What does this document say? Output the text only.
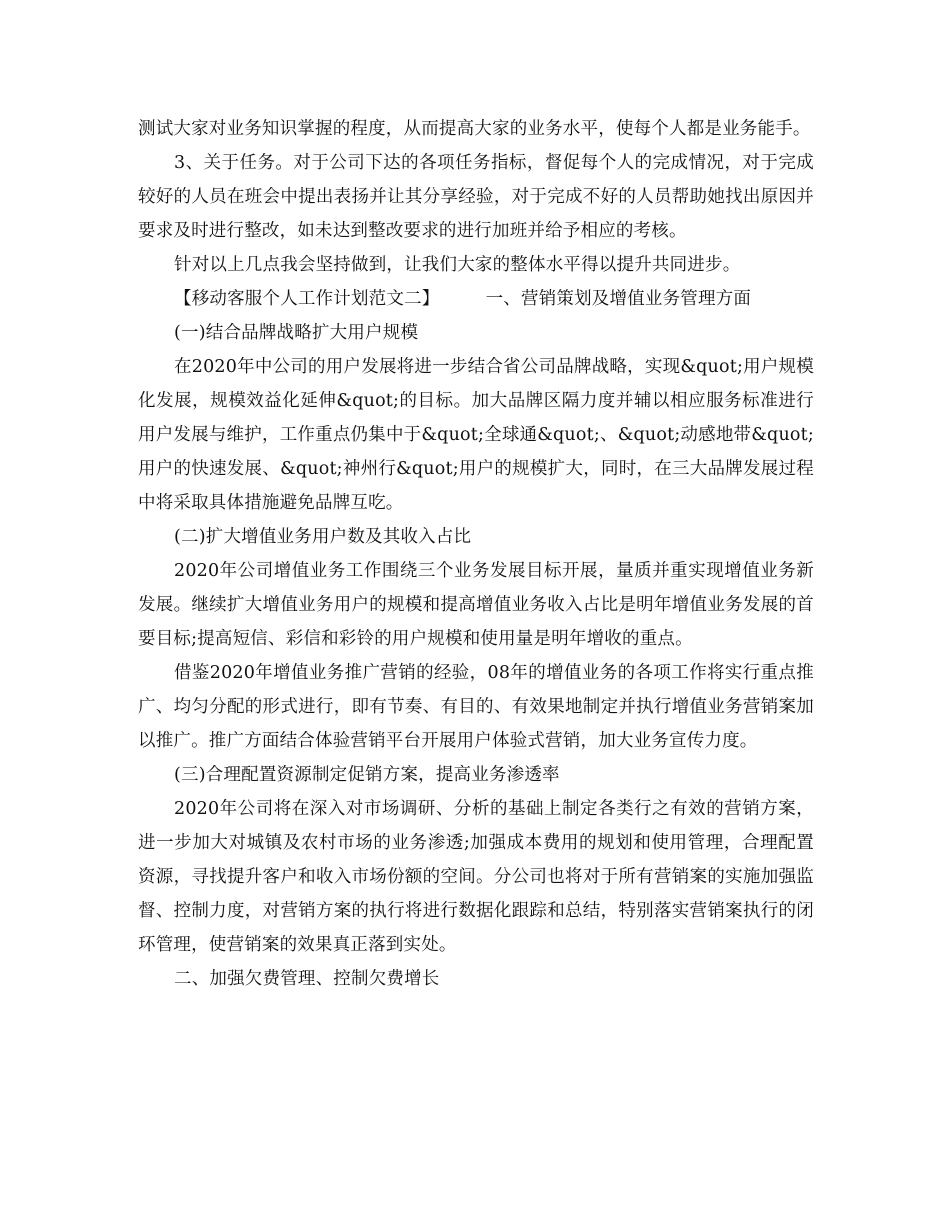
测试大家对业务知识掌握的程度，从而提高大家的业务水平，使每个人都是业务能手。

3、关于任务。对于公司下达的各项任务指标，督促每个人的完成情况，对于完成较好的人员在班会中提出表扬并让其分享经验，对于完成不好的人员帮助她找出原因并要求及时进行整改，如未达到整改要求的进行加班并给予相应的考核。

针对以上几点我会坚持做到，让我们大家的整体水平得以提升共同进步。

【移动客服个人工作计划范文二】        一、营销策划及增值业务管理方面

(一)结合品牌战略扩大用户规模

在2020年中公司的用户发展将进一步结合省公司品牌战略，实现&quot;用户规模化发展，规模效益化延伸&quot;的目标。加大品牌区隔力度并辅以相应服务标准进行用户发展与维护，工作重点仍集中于&quot;全球通&quot;、&quot;动感地带&quot;用户的快速发展、&quot;神州行&quot;用户的规模扩大，同时，在三大品牌发展过程中将采取具体措施避免品牌互吃。

(二)扩大增值业务用户数及其收入占比

2020年公司增值业务工作围绕三个业务发展目标开展，量质并重实现增值业务新发展。继续扩大增值业务用户的规模和提高增值业务收入占比是明年增值业务发展的首要目标;提高短信、彩信和彩铃的用户规模和使用量是明年增收的重点。

借鉴2020年增值业务推广营销的经验，08年的增值业务的各项工作将实行重点推广、均匀分配的形式进行，即有节奏、有目的、有效果地制定并执行增值业务营销案加以推广。推广方面结合体验营销平台开展用户体验式营销，加大业务宣传力度。

(三)合理配置资源制定促销方案，提高业务渗透率

2020年公司将在深入对市场调研、分析的基础上制定各类行之有效的营销方案，进一步加大对城镇及农村市场的业务渗透;加强成本费用的规划和使用管理，合理配置资源，寻找提升客户和收入市场份额的空间。分公司也将对于所有营销案的实施加强监督、控制力度，对营销方案的执行将进行数据化跟踪和总结，特别落实营销案执行的闭环管理，使营销案的效果真正落到实处。

二、加强欠费管理、控制欠费增长
